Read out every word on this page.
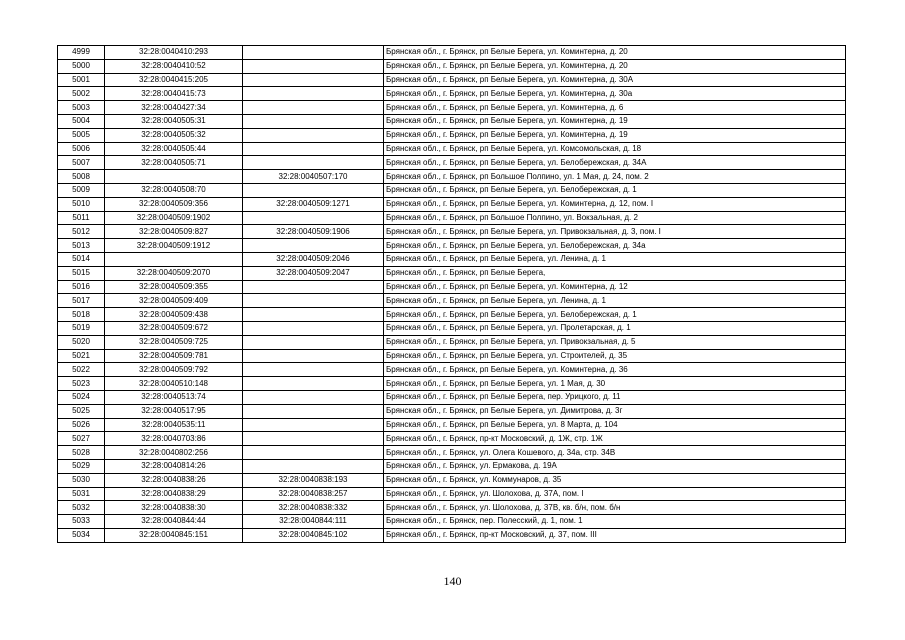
4999	32:28:0040410:293		Брянская обл., г. Брянск, рп Белые Берега, ул. Коминтерна, д. 20
5000	32:28:0040410:52		Брянская обл., г. Брянск, рп Белые Берега, ул. Коминтерна, д. 20
5001	32:28:0040415:205		Брянская обл., г. Брянск, рп Белые Берега, ул. Коминтерна, д. 30А
5002	32:28:0040415:73		Брянская обл., г. Брянск, рп Белые Берега, ул. Коминтерна, д. 30а
5003	32:28:0040427:34		Брянская обл., г. Брянск, рп Белые Берега, ул. Коминтерна, д. 6
5004	32:28:0040505:31		Брянская обл., г. Брянск, рп Белые Берега, ул. Коминтерна, д. 19
5005	32:28:0040505:32		Брянская обл., г. Брянск, рп Белые Берега, ул. Коминтерна, д. 19
5006	32:28:0040505:44		Брянская обл., г. Брянск, рп Белые Берега, ул. Комсомольская, д. 18
5007	32:28:0040505:71		Брянская обл., г. Брянск, рп Белые Берега, ул. Белобережская, д. 34А
5008		32:28:0040507:170	Брянская обл., г. Брянск, рп Большое Полпино, ул. 1 Мая, д. 24, пом. 2
5009	32:28:0040508:70		Брянская обл., г. Брянск, рп Белые Берега, ул. Белобережская, д. 1
5010	32:28:0040509:356	32:28:0040509:1271	Брянская обл., г. Брянск, рп Белые Берега, ул. Коминтерна, д. 12, пом. I
5011	32:28:0040509:1902		Брянская обл., г. Брянск, рп Большое Полпино, ул. Вокзальная, д. 2
5012	32:28:0040509:827	32:28:0040509:1906	Брянская обл., г. Брянск, рп Белые Берега, ул. Привокзальная, д. 3, пом. I
5013	32:28:0040509:1912		Брянская обл., г. Брянск, рп Белые Берега, ул. Белобережская, д. 34а
5014		32:28:0040509:2046	Брянская обл., г. Брянск, рп Белые Берега, ул. Ленина, д. 1
5015	32:28:0040509:2070	32:28:0040509:2047	Брянская обл., г. Брянск, рп Белые Берега,
5016	32:28:0040509:355		Брянская обл., г. Брянск, рп Белые Берега, ул. Коминтерна, д. 12
5017	32:28:0040509:409		Брянская обл., г. Брянск, рп Белые Берега, ул. Ленина, д. 1
5018	32:28:0040509:438		Брянская обл., г. Брянск, рп Белые Берега, ул. Белобережская, д. 1
5019	32:28:0040509:672		Брянская обл., г. Брянск, рп Белые Берега, ул. Пролетарская, д. 1
5020	32:28:0040509:725		Брянская обл., г. Брянск, рп Белые Берега, ул. Привокзальная, д. 5
5021	32:28:0040509:781		Брянская обл., г. Брянск, рп Белые Берега, ул. Строителей, д. 35
5022	32:28:0040509:792		Брянская обл., г. Брянск, рп Белые Берега, ул. Коминтерна, д. 36
5023	32:28:0040510:148		Брянская обл., г. Брянск, рп Белые Берега, ул. 1 Мая, д. 30
5024	32:28:0040513:74		Брянская обл., г. Брянск, рп Белые Берега, пер. Урицкого, д. 11
5025	32:28:0040517:95		Брянская обл., г. Брянск, рп Белые Берега, ул. Димитрова, д. 3г
5026	32:28:0040535:11		Брянская обл., г. Брянск, рп Белые Берега, ул. 8 Марта, д. 104
5027	32:28:0040703:86		Брянская обл., г. Брянск, пр-кт Московский, д. 1Ж, стр. 1Ж
5028	32:28:0040802:256		Брянская обл., г. Брянск, ул. Олега Кошевого, д. 34а, стр. 34В
5029	32:28:0040814:26		Брянская обл., г. Брянск, ул. Ермакова, д. 19А
5030	32:28:0040838:26	32:28:0040838:193	Брянская обл., г. Брянск, ул. Коммунаров, д. 35
5031	32:28:0040838:29	32:28:0040838:257	Брянская обл., г. Брянск, ул. Шолохова, д. 37А, пом. I
5032	32:28:0040838:30	32:28:0040838:332	Брянская обл., г. Брянск, ул. Шолохова, д. 37В, кв. б/н, пом. б/н
5033	32:28:0040844:44	32:28:0040844:111	Брянская обл., г. Брянск, пер. Полесский, д. 1, пом. 1
5034	32:28:0040845:151	32:28:0040845:102	Брянская обл., г. Брянск, пр-кт Московский, д. 37, пом. III
140
